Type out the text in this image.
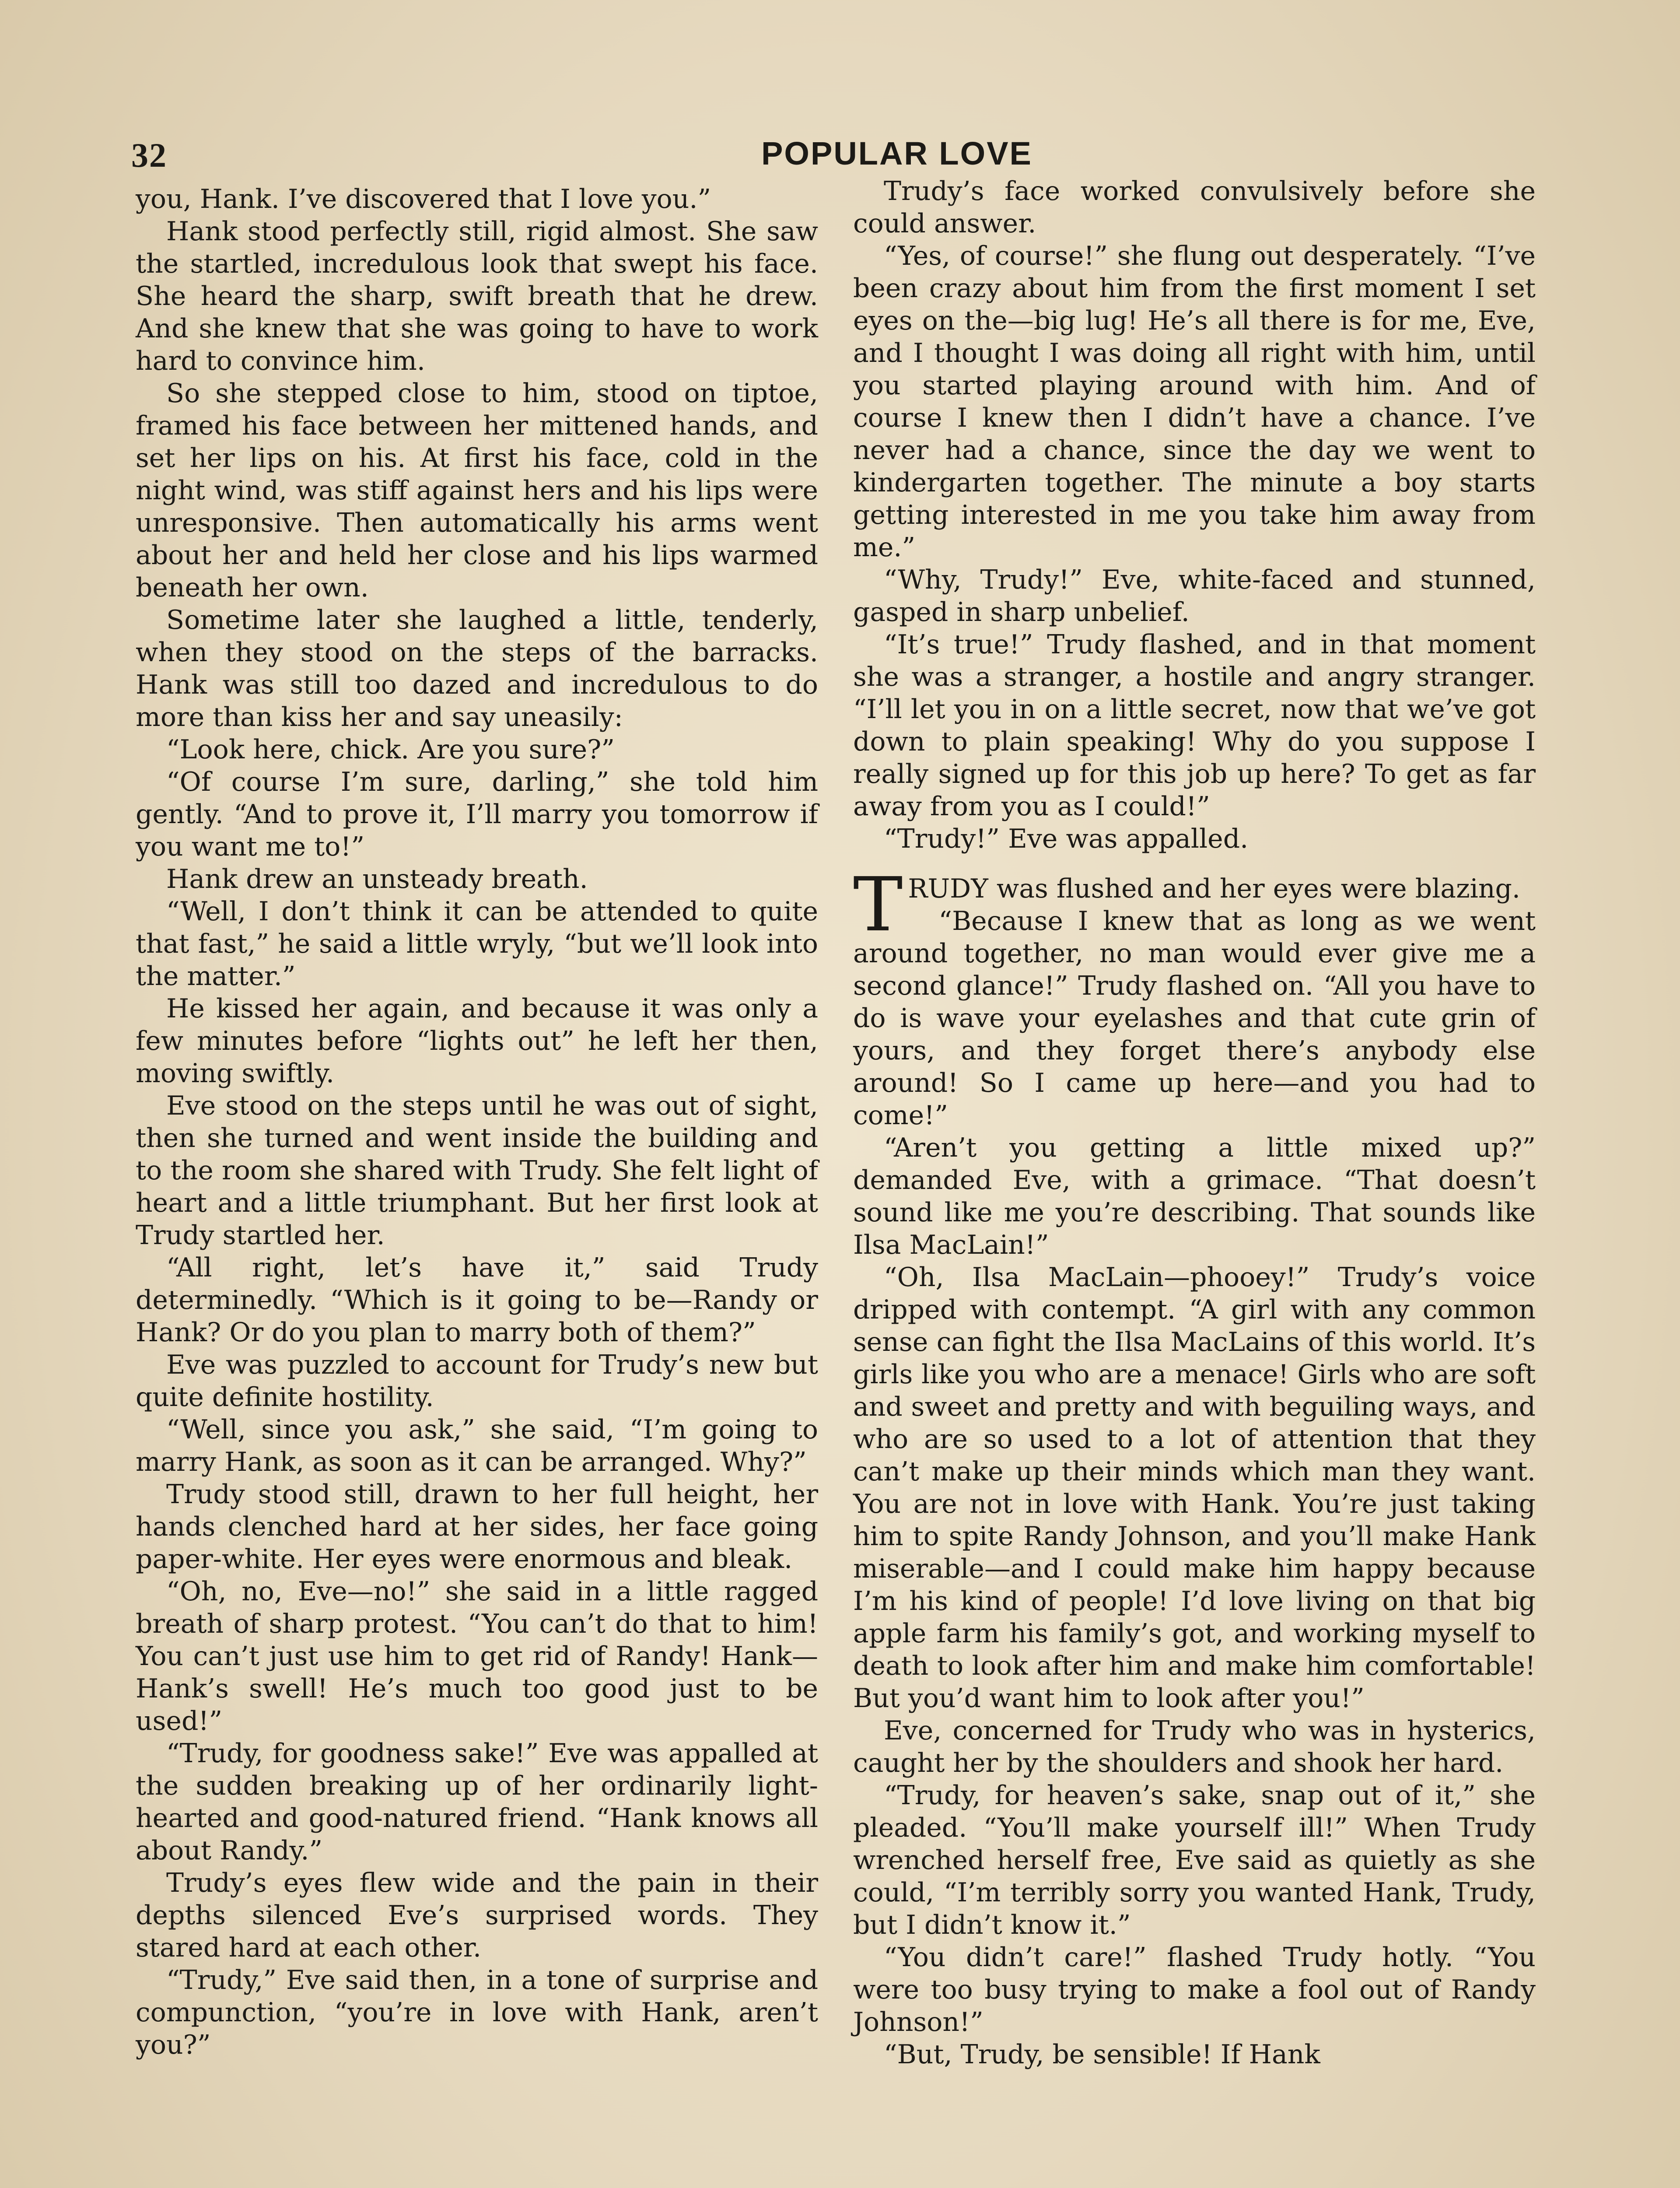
32	POPULAR LOVE

you, Hank. I’ve discovered that I love you.”

Hank stood perfectly still, rigid almost. She saw the startled, incredulous look that swept his face. She heard the sharp, swift breath that he drew. And she knew that she was going to have to work hard to convince him.

So she stepped close to him, stood on tiptoe, framed his face between her mittened hands, and set her lips on his. At first his face, cold in the night wind, was stiff against hers and his lips were unresponsive. Then automatically his arms went about her and held her close and his lips warmed beneath her own.

Sometime later she laughed a little, tenderly, when they stood on the steps of the barracks. Hank was still too dazed and incredulous to do more than kiss her and say uneasily:

“Look here, chick. Are you sure?”

“Of course I’m sure, darling,” she told him gently. “And to prove it, I’ll marry you tomorrow if you want me to!”

Hank drew an unsteady breath.

“Well, I don’t think it can be attended to quite that fast,” he said a little wryly, “but we’ll look into the matter.”

He kissed her again, and because it was only a few minutes before “lights out” he left her then, moving swiftly.

Eve stood on the steps until he was out of sight, then she turned and went inside the building and to the room she shared with Trudy. She felt light of heart and a little triumphant. But her first look at Trudy startled her.

“All right, let’s have it,” said Trudy determinedly. “Which is it going to be—Randy or Hank? Or do you plan to marry both of them?”

Eve was puzzled to account for Trudy’s new but quite definite hostility.

“Well, since you ask,” she said, “I’m going to marry Hank, as soon as it can be arranged. Why?”

Trudy stood still, drawn to her full height, her hands clenched hard at her sides, her face going paper-white. Her eyes were enormous and bleak.

“Oh, no, Eve—no!” she said in a little ragged breath of sharp protest. “You can’t do that to him! You can’t just use him to get rid of Randy! Hank—Hank’s swell! He’s much too good just to be used!”

“Trudy, for goodness sake!” Eve was appalled at the sudden breaking up of her ordinarily light-hearted and good-natured friend. “Hank knows all about Randy.”

Trudy’s eyes flew wide and the pain in their depths silenced Eve’s surprised words. They stared hard at each other.

“Trudy,” Eve said then, in a tone of surprise and compunction, “you’re in love with Hank, aren’t you?”

Trudy’s face worked convulsively before she could answer.

“Yes, of course!” she flung out desperately. “I’ve been crazy about him from the first moment I set eyes on the—big lug! He’s all there is for me, Eve, and I thought I was doing all right with him, until you started playing around with him. And of course I knew then I didn’t have a chance. I’ve never had a chance, since the day we went to kindergarten together. The minute a boy starts getting interested in me you take him away from me.”

“Why, Trudy!” Eve, white-faced and stunned, gasped in sharp unbelief.

“It’s true!” Trudy flashed, and in that moment she was a stranger, a hostile and angry stranger. “I’ll let you in on a little secret, now that we’ve got down to plain speaking! Why do you suppose I really signed up for this job up here? To get as far away from you as I could!”

“Trudy!” Eve was appalled.

TRUDY was flushed and her eyes were blazing.

“Because I knew that as long as we went around together, no man would ever give me a second glance!” Trudy flashed on. “All you have to do is wave your eyelashes and that cute grin of yours, and they forget there’s anybody else around! So I came up here—and you had to come!”

“Aren’t you getting a little mixed up?” demanded Eve, with a grimace. “That doesn’t sound like me you’re describing. That sounds like Ilsa MacLain!”

“Oh, Ilsa MacLain—phooey!” Trudy’s voice dripped with contempt. “A girl with any common sense can fight the Ilsa MacLains of this world. It’s girls like you who are a menace! Girls who are soft and sweet and pretty and with beguiling ways, and who are so used to a lot of attention that they can’t make up their minds which man they want. You are not in love with Hank. You’re just taking him to spite Randy Johnson, and you’ll make Hank miserable—and I could make him happy because I’m his kind of people! I’d love living on that big apple farm his family’s got, and working myself to death to look after him and make him comfortable! But you’d want him to look after you!”

Eve, concerned for Trudy who was in hysterics, caught her by the shoulders and shook her hard.

“Trudy, for heaven’s sake, snap out of it,” she pleaded. “You’ll make yourself ill!” When Trudy wrenched herself free, Eve said as quietly as she could, “I’m terribly sorry you wanted Hank, Trudy, but I didn’t know it.”

“You didn’t care!” flashed Trudy hotly. “You were too busy trying to make a fool out of Randy Johnson!”

“But, Trudy, be sensible! If Hank
